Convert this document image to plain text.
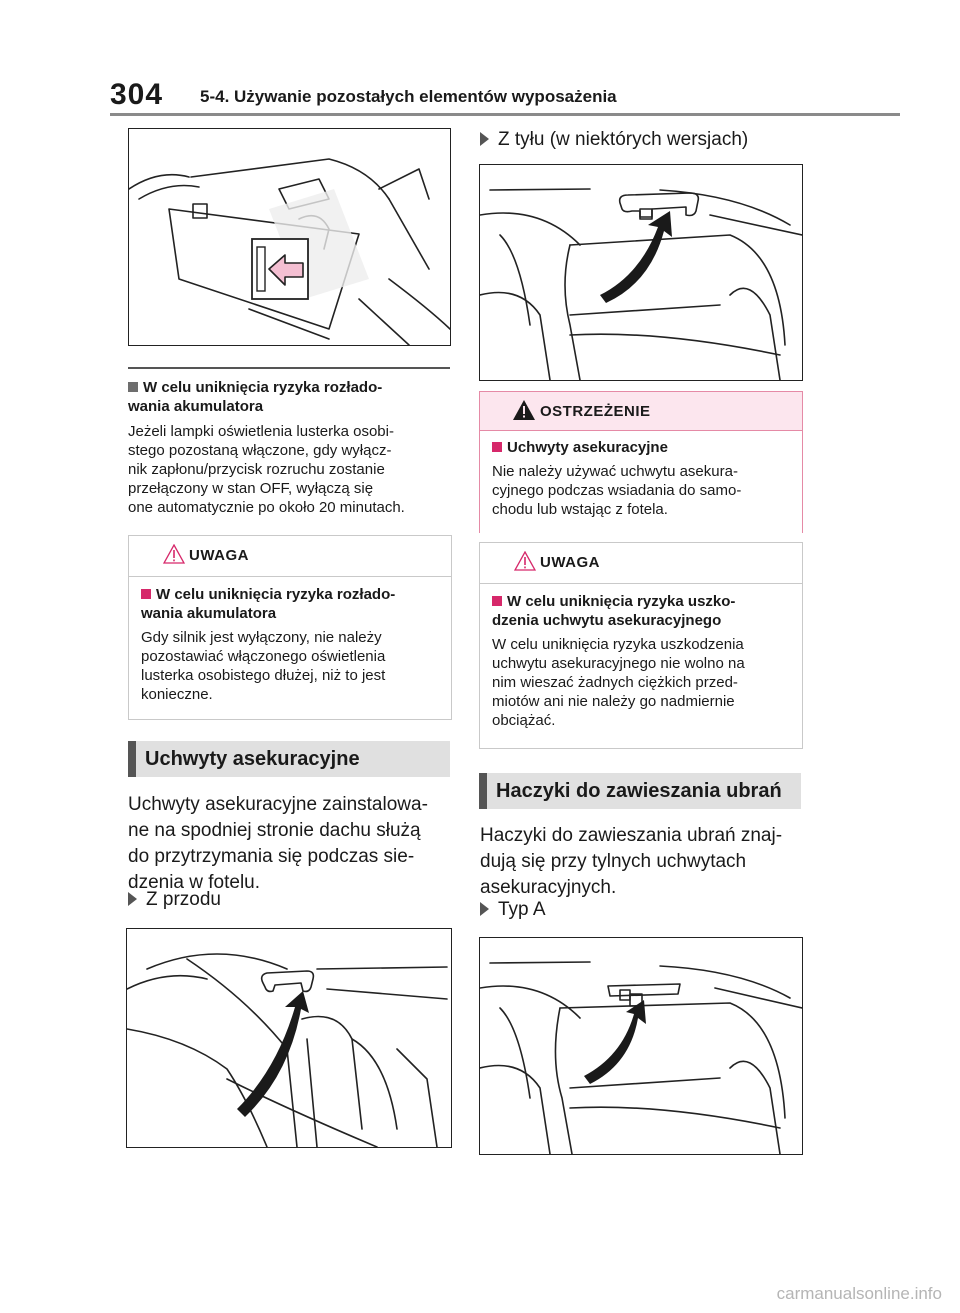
304 5-4. Używanie pozostałych elementów wyposażenia
W celu uniknięcia ryzyka rozłado-
wania akumulatora
Jeżeli lampki oświetlenia lusterka osobi-
stego pozostaną włączone, gdy wyłącz-
nik zapłonu/przycisk rozruchu zostanie
przełączony w stan OFF, wyłączą się
one automatycznie po około 20 minutach.
UWAGA
W celu uniknięcia ryzyka rozłado-
wania akumulatora
Gdy silnik jest wyłączony, nie należy
pozostawiać włączonego oświetlenia
lusterka osobistego dłużej, niż to jest
konieczne.
Uchwyty asekuracyjne
Uchwyty asekuracyjne zainstalowa-
ne na spodniej stronie dachu służą
do przytrzymania się podczas sie-
dzenia w fotelu.
Z przodu
Z tyłu (w niektórych wersjach)
OSTRZEŻENIE
Uchwyty asekuracyjne
Nie należy używać uchwytu asekura-
cyjnego podczas wsiadania do samo-
chodu lub wstając z fotela.
UWAGA
W celu uniknięcia ryzyka uszko-
dzenia uchwytu asekuracyjnego
W celu uniknięcia ryzyka uszkodzenia
uchwytu asekuracyjnego nie wolno na
nim wieszać żadnych ciężkich przed-
miotów ani nie należy go nadmiernie
obciążać.
Haczyki do zawieszania ubrań
Haczyki do zawieszania ubrań znaj-
dują się przy tylnych uchwytach
asekuracyjnych.
Typ A
carmanualsonline.info
